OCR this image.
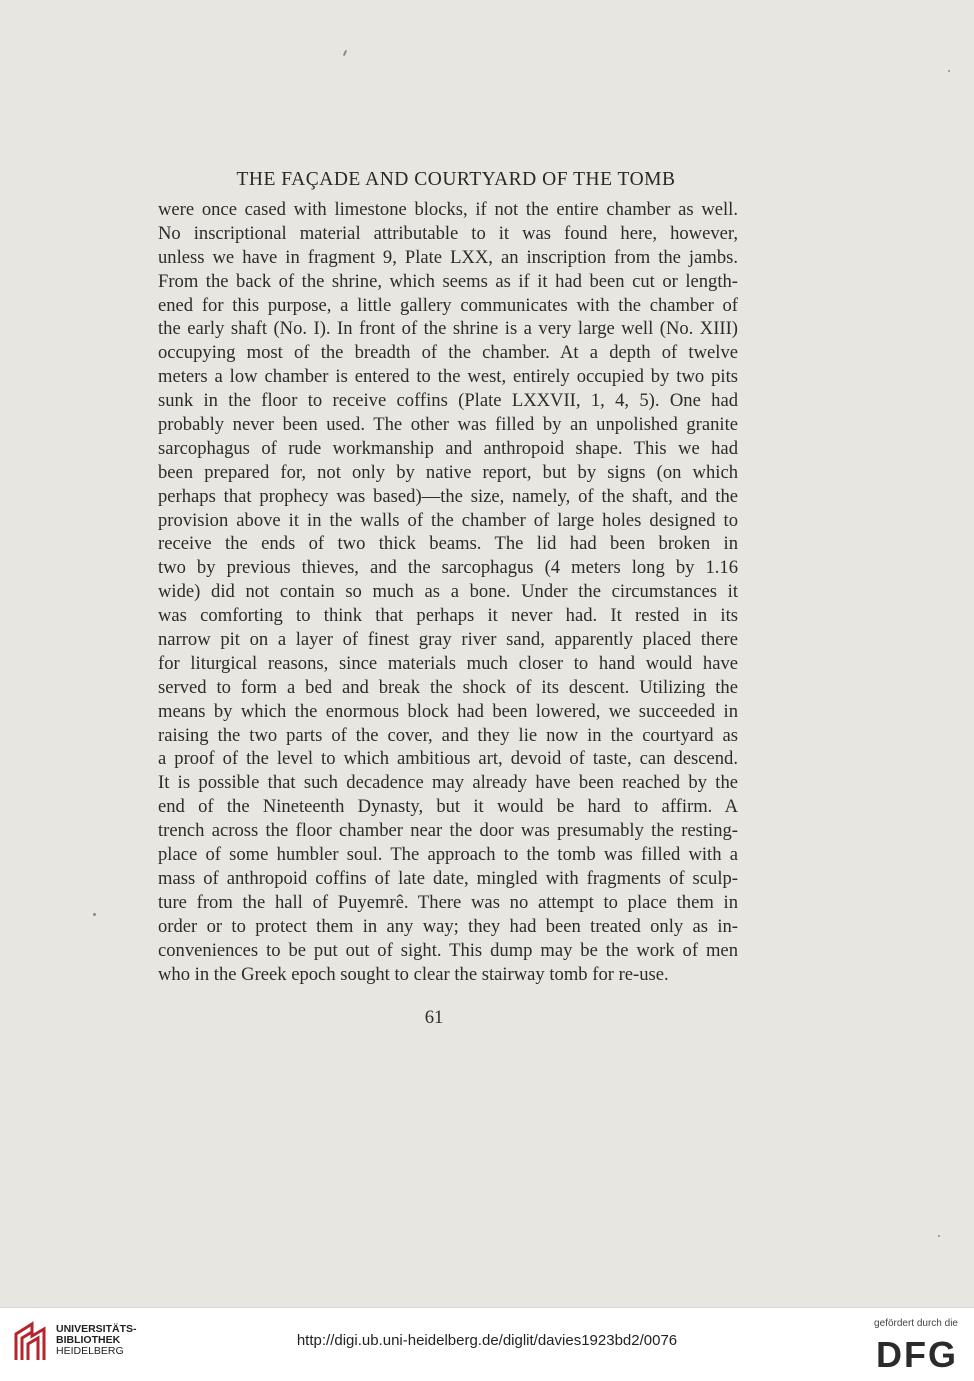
THE FAÇADE AND COURTYARD OF THE TOMB
were once cased with limestone blocks, if not the entire chamber as well.
No inscriptional material attributable to it was found here, however,
unless we have in fragment 9, Plate LXX, an inscription from the jambs.
From the back of the shrine, which seems as if it had been cut or length-
ened for this purpose, a little gallery communicates with the chamber of
the early shaft (No. I). In front of the shrine is a very large well (No. XIII)
occupying most of the breadth of the chamber. At a depth of twelve
meters a low chamber is entered to the west, entirely occupied by two pits
sunk in the floor to receive coffins (Plate LXXVII, 1, 4, 5). One had
probably never been used. The other was filled by an unpolished granite
sarcophagus of rude workmanship and anthropoid shape. This we had
been prepared for, not only by native report, but by signs (on which
perhaps that prophecy was based)—the size, namely, of the shaft, and the
provision above it in the walls of the chamber of large holes designed to
receive the ends of two thick beams. The lid had been broken in
two by previous thieves, and the sarcophagus (4 meters long by 1.16
wide) did not contain so much as a bone. Under the circumstances it
was comforting to think that perhaps it never had. It rested in its
narrow pit on a layer of finest gray river sand, apparently placed there
for liturgical reasons, since materials much closer to hand would have
served to form a bed and break the shock of its descent. Utilizing the
means by which the enormous block had been lowered, we succeeded in
raising the two parts of the cover, and they lie now in the courtyard as
a proof of the level to which ambitious art, devoid of taste, can descend.
It is possible that such decadence may already have been reached by the
end of the Nineteenth Dynasty, but it would be hard to affirm. A
trench across the floor chamber near the door was presumably the resting-
place of some humbler soul. The approach to the tomb was filled with a
mass of anthropoid coffins of late date, mingled with fragments of sculp-
ture from the hall of Puyemrê. There was no attempt to place them in
order or to protect them in any way; they had been treated only as in-
conveniences to be put out of sight. This dump may be the work of men
who in the Greek epoch sought to clear the stairway tomb for re-use.
61
UNIVERSITÄTS-
BIBLIOTHEK
HEIDELBERG
http://digi.ub.uni-heidelberg.de/diglit/davies1923bd2/0076
gefördert durch die
DFG
